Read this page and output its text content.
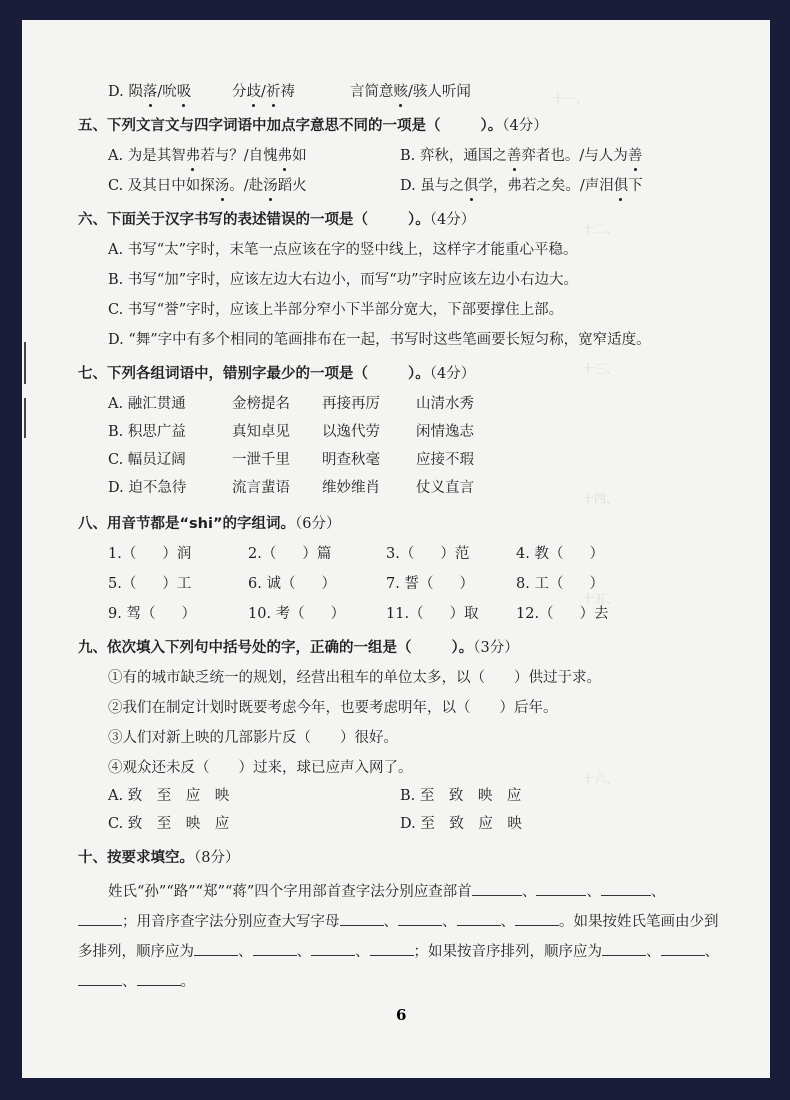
十一、
十二、
十三、
十四、
十五、
十六、
D. 陨落/吮吸	分歧/祈祷	言简意赅/骇人听闻
五、下列文言文与四字词语中加点字意思不同的一项是（	）。（4分）
A. 为是其智弗若与？/自愧弗如	B. 弈秋，通国之善弈者也。/与人为善
C. 及其日中如探汤。/赴汤蹈火	D. 虽与之俱学，弗若之矣。/声泪俱下
六、下面关于汉字书写的表述错误的一项是（	）。（4分）
A. 书写“太”字时，末笔一点应该在字的竖中线上，这样字才能重心平稳。
B. 书写“加”字时，应该左边大右边小，而写“功”字时应该左边小右边大。
C. 书写“誉”字时，应该上半部分窄小下半部分宽大，下部要撑住上部。
D. “舞”字中有多个相同的笔画排布在一起，书写时这些笔画要长短匀称，宽窄适度。
七、下列各组词语中，错别字最少的一项是（	）。（4分）
A. 融汇贯通	金榜提名 再接再厉 山清水秀
B. 积思广益	真知卓见 以逸代劳 闲情逸志
C. 幅员辽阔	一泄千里 明查秋毫 应接不瑕
D. 迫不急待	流言蜚语 维妙维肖 仗义直言
八、用音节都是“shi”的字组词。（6分）
1.（ ）润	2.（ ）篇	3.（ ）范	4. 教（ ）
5.（ ）工	6. 诚（ ）	7. 誓（ ）	8. 工（ ）
9. 驾（ ）	10. 考（ ）	11.（ ）取	12.（ ）去
九、依次填入下列句中括号处的字，正确的一组是（	）。（3分）
①有的城市缺乏统一的规划，经营出租车的单位太多，以（　　）供过于求。
②我们在制定计划时既要考虑今年，也要考虑明年，以（　　）后年。
③人们对新上映的几部影片反（　　）很好。
④观众还未反（　　）过来，球已应声入网了。
A. 致　至　应　映	B. 至　致　映　应
C. 致　至　映　应	D. 至　致　应　映
十、按要求填空。（8分）
姓氏“孙”“路”“郑”“蒋”四个字用部首查字法分别应查部首	、	、	、
；用音序查字法分别应查大写字母	、	、	、	。如果按姓氏笔画由少到
多排列，顺序应为	、	、	、	；如果按音序排列，顺序应为	、	、
、	。
6
